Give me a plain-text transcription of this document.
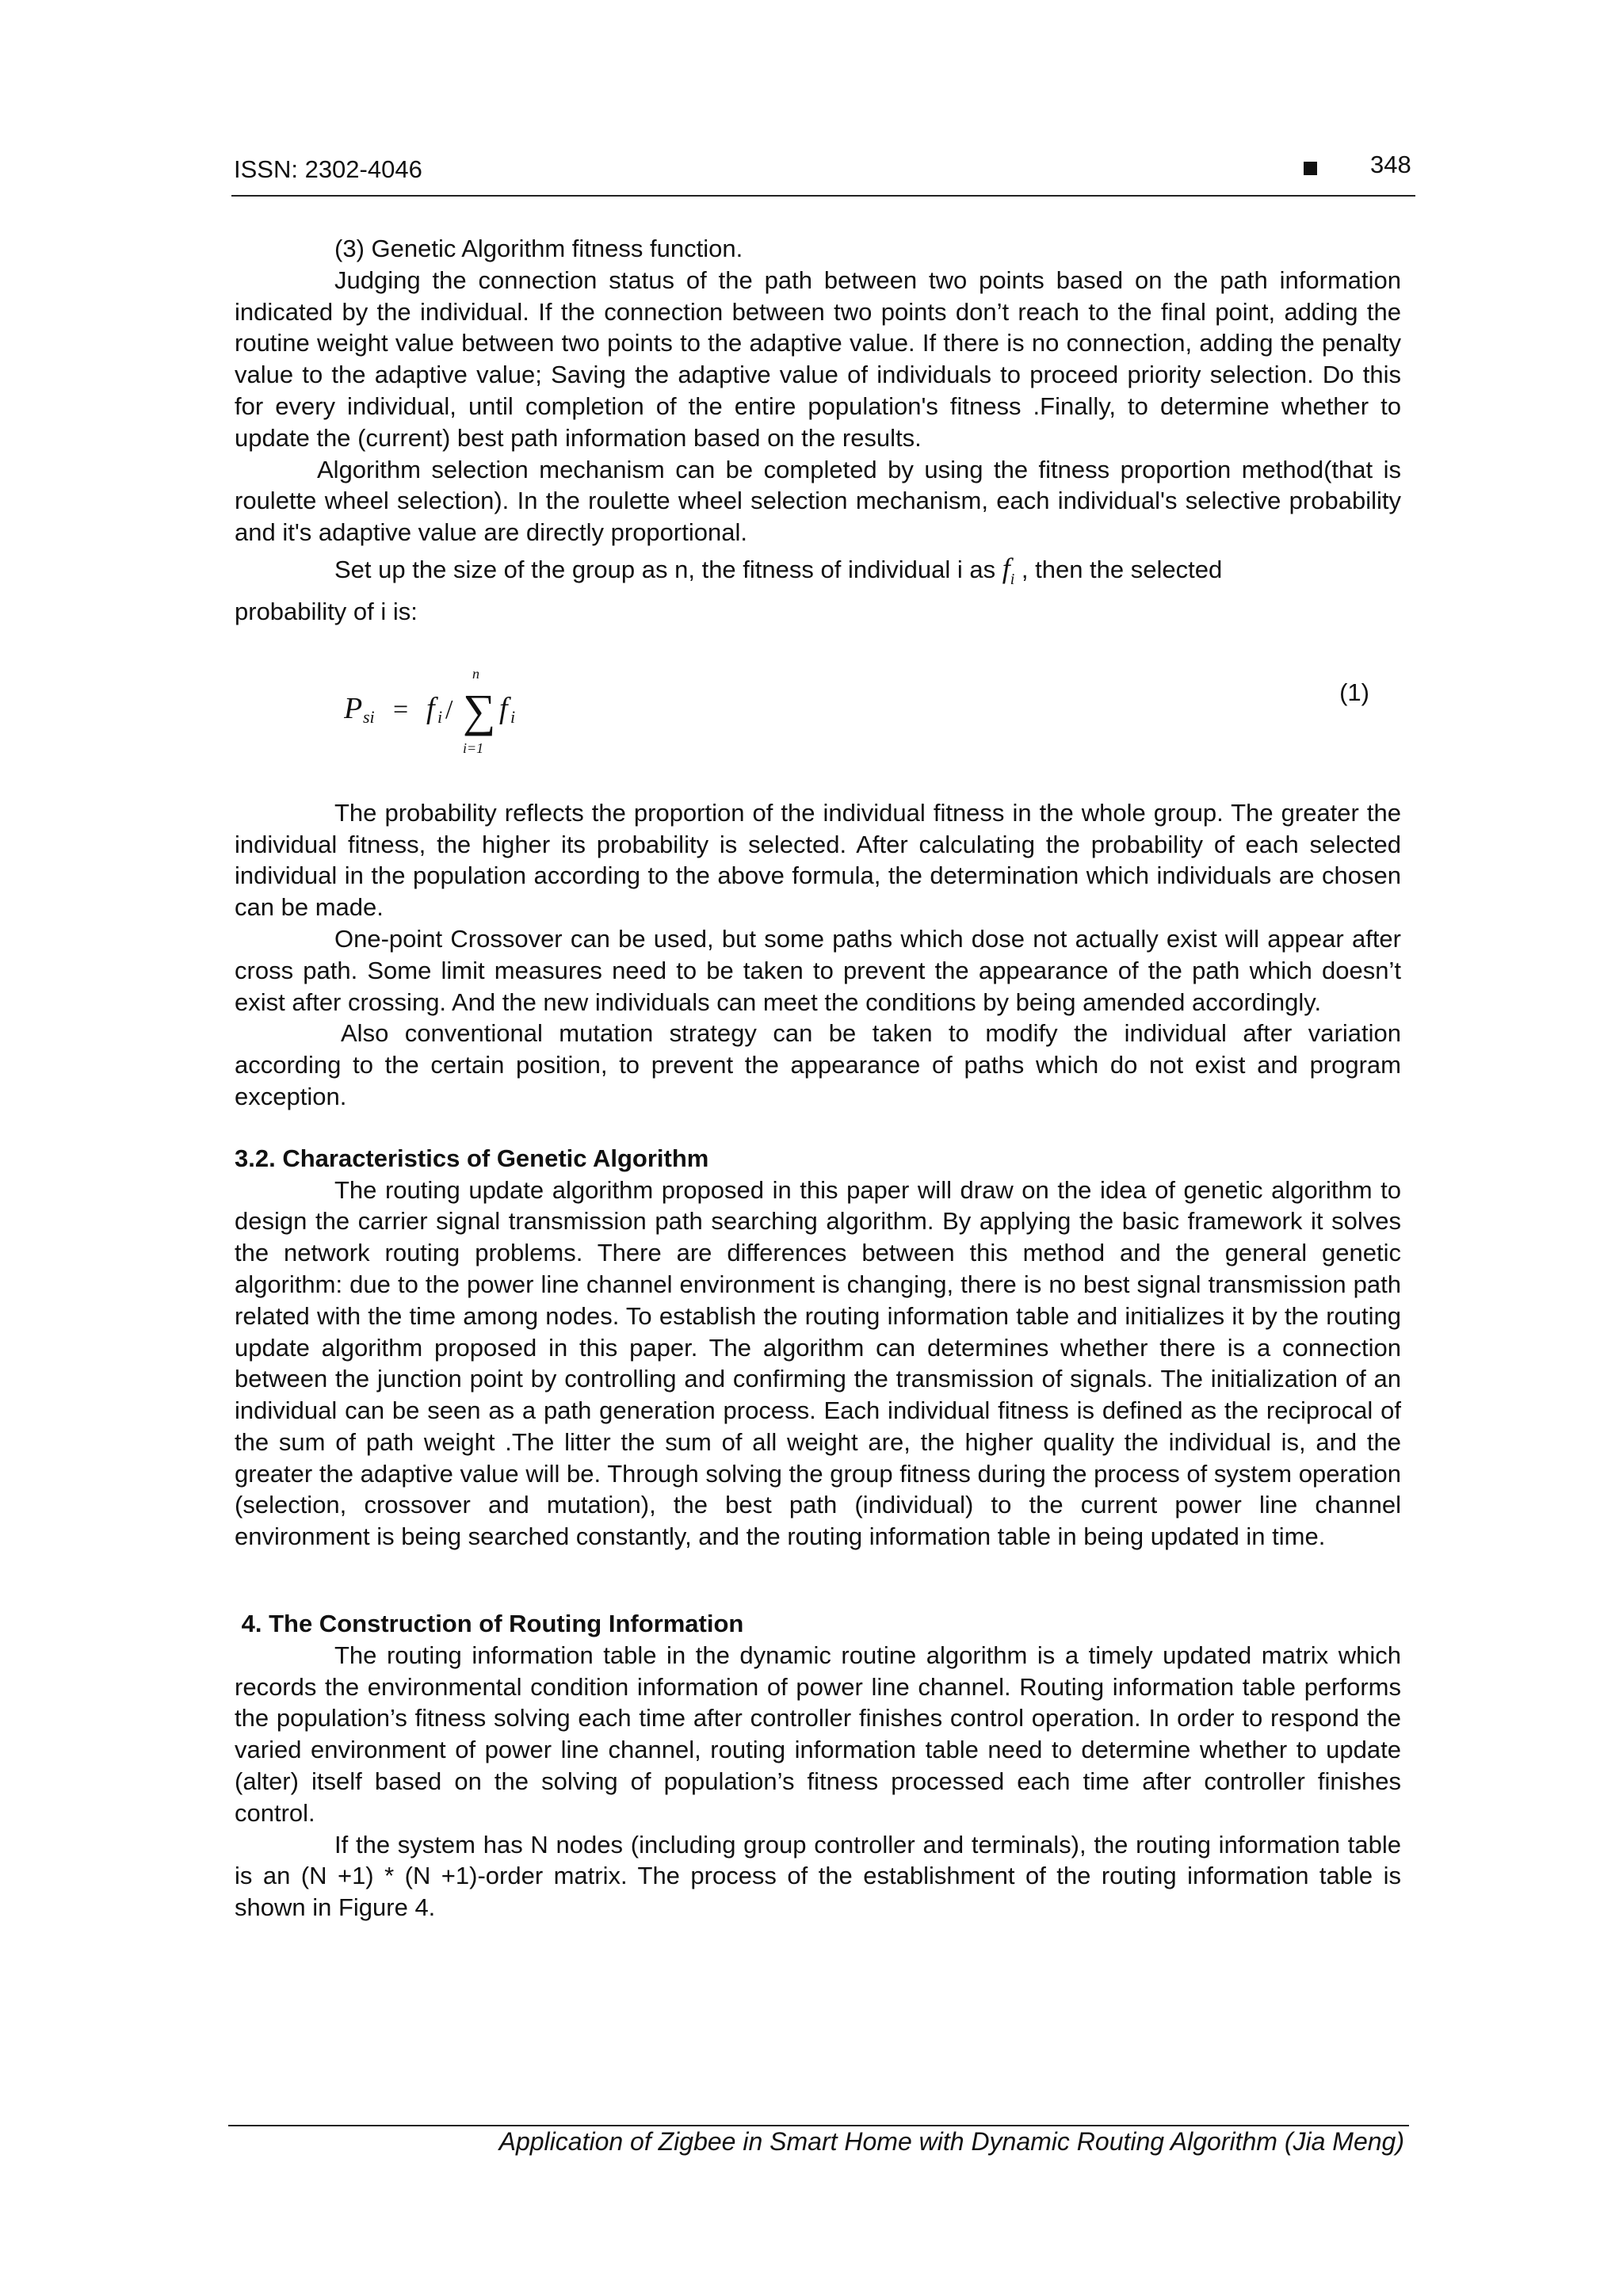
ISSN: 2302-4046	348

(3) Genetic Algorithm fitness function.

Judging the connection status of the path between two points based on the path information indicated by the individual. If the connection between two points don’t reach to the final point, adding the routine weight value between two points to the adaptive value. If there is no connection, adding the penalty value to the adaptive value; Saving the adaptive value of individuals to proceed priority selection. Do this for every individual, until completion of the entire population's fitness .Finally, to determine whether to update the (current) best path information based on the results.

Algorithm selection mechanism can be completed by using the fitness proportion method(that is roulette wheel selection). In the roulette wheel selection mechanism, each individual's selective probability and it's adaptive value are directly proportional.

Set up the size of the group as n, the fitness of individual i as $f_i$ , then the selected

probability of i is:

P si = f i / ∑
n
i=1
f i
(1)

The probability reflects the proportion of the individual fitness in the whole group. The greater the individual fitness, the higher its probability is selected. After calculating the probability of each selected individual in the population according to the above formula, the determination which individuals are chosen can be made.

One-point Crossover can be used, but some paths which dose not actually exist will appear after cross path. Some limit measures need to be taken to prevent the appearance of the path which doesn’t exist after crossing. And the new individuals can meet the conditions by being amended accordingly.

Also conventional mutation strategy can be taken to modify the individual after variation according to the certain position, to prevent the appearance of paths which do not exist and program exception.

3.2. Characteristics of Genetic Algorithm

The routing update algorithm proposed in this paper will draw on the idea of genetic algorithm to design the carrier signal transmission path searching algorithm. By applying the basic framework it solves the network routing problems. There are differences between this method and the general genetic algorithm: due to the power line channel environment is changing, there is no best signal transmission path related with the time among nodes. To establish the routing information table and initializes it by the routing update algorithm proposed in this paper. The algorithm can determines whether there is a connection between the junction point by controlling and confirming the transmission of signals. The initialization of an individual can be seen as a path generation process. Each individual fitness is defined as the reciprocal of the sum of path weight .The litter the sum of all weight are, the higher quality the individual is, and the greater the adaptive value will be. Through solving the group fitness during the process of system operation (selection, crossover and mutation), the best path (individual) to the current power line channel environment is being searched constantly, and the routing information table in being updated in time.

4. The Construction of Routing Information

The routing information table in the dynamic routine algorithm is a timely updated matrix which records the environmental condition information of power line channel. Routing information table performs the population’s fitness solving each time after controller finishes control operation. In order to respond the varied environment of power line channel, routing information table need to determine whether to update (alter) itself based on the solving of population’s fitness processed each time after controller finishes control.

If the system has N nodes (including group controller and terminals), the routing information table is an (N +1) * (N +1)-order matrix. The process of the establishment of the routing information table is shown in Figure 4.

Application of Zigbee in Smart Home with Dynamic Routing Algorithm (Jia Meng)
